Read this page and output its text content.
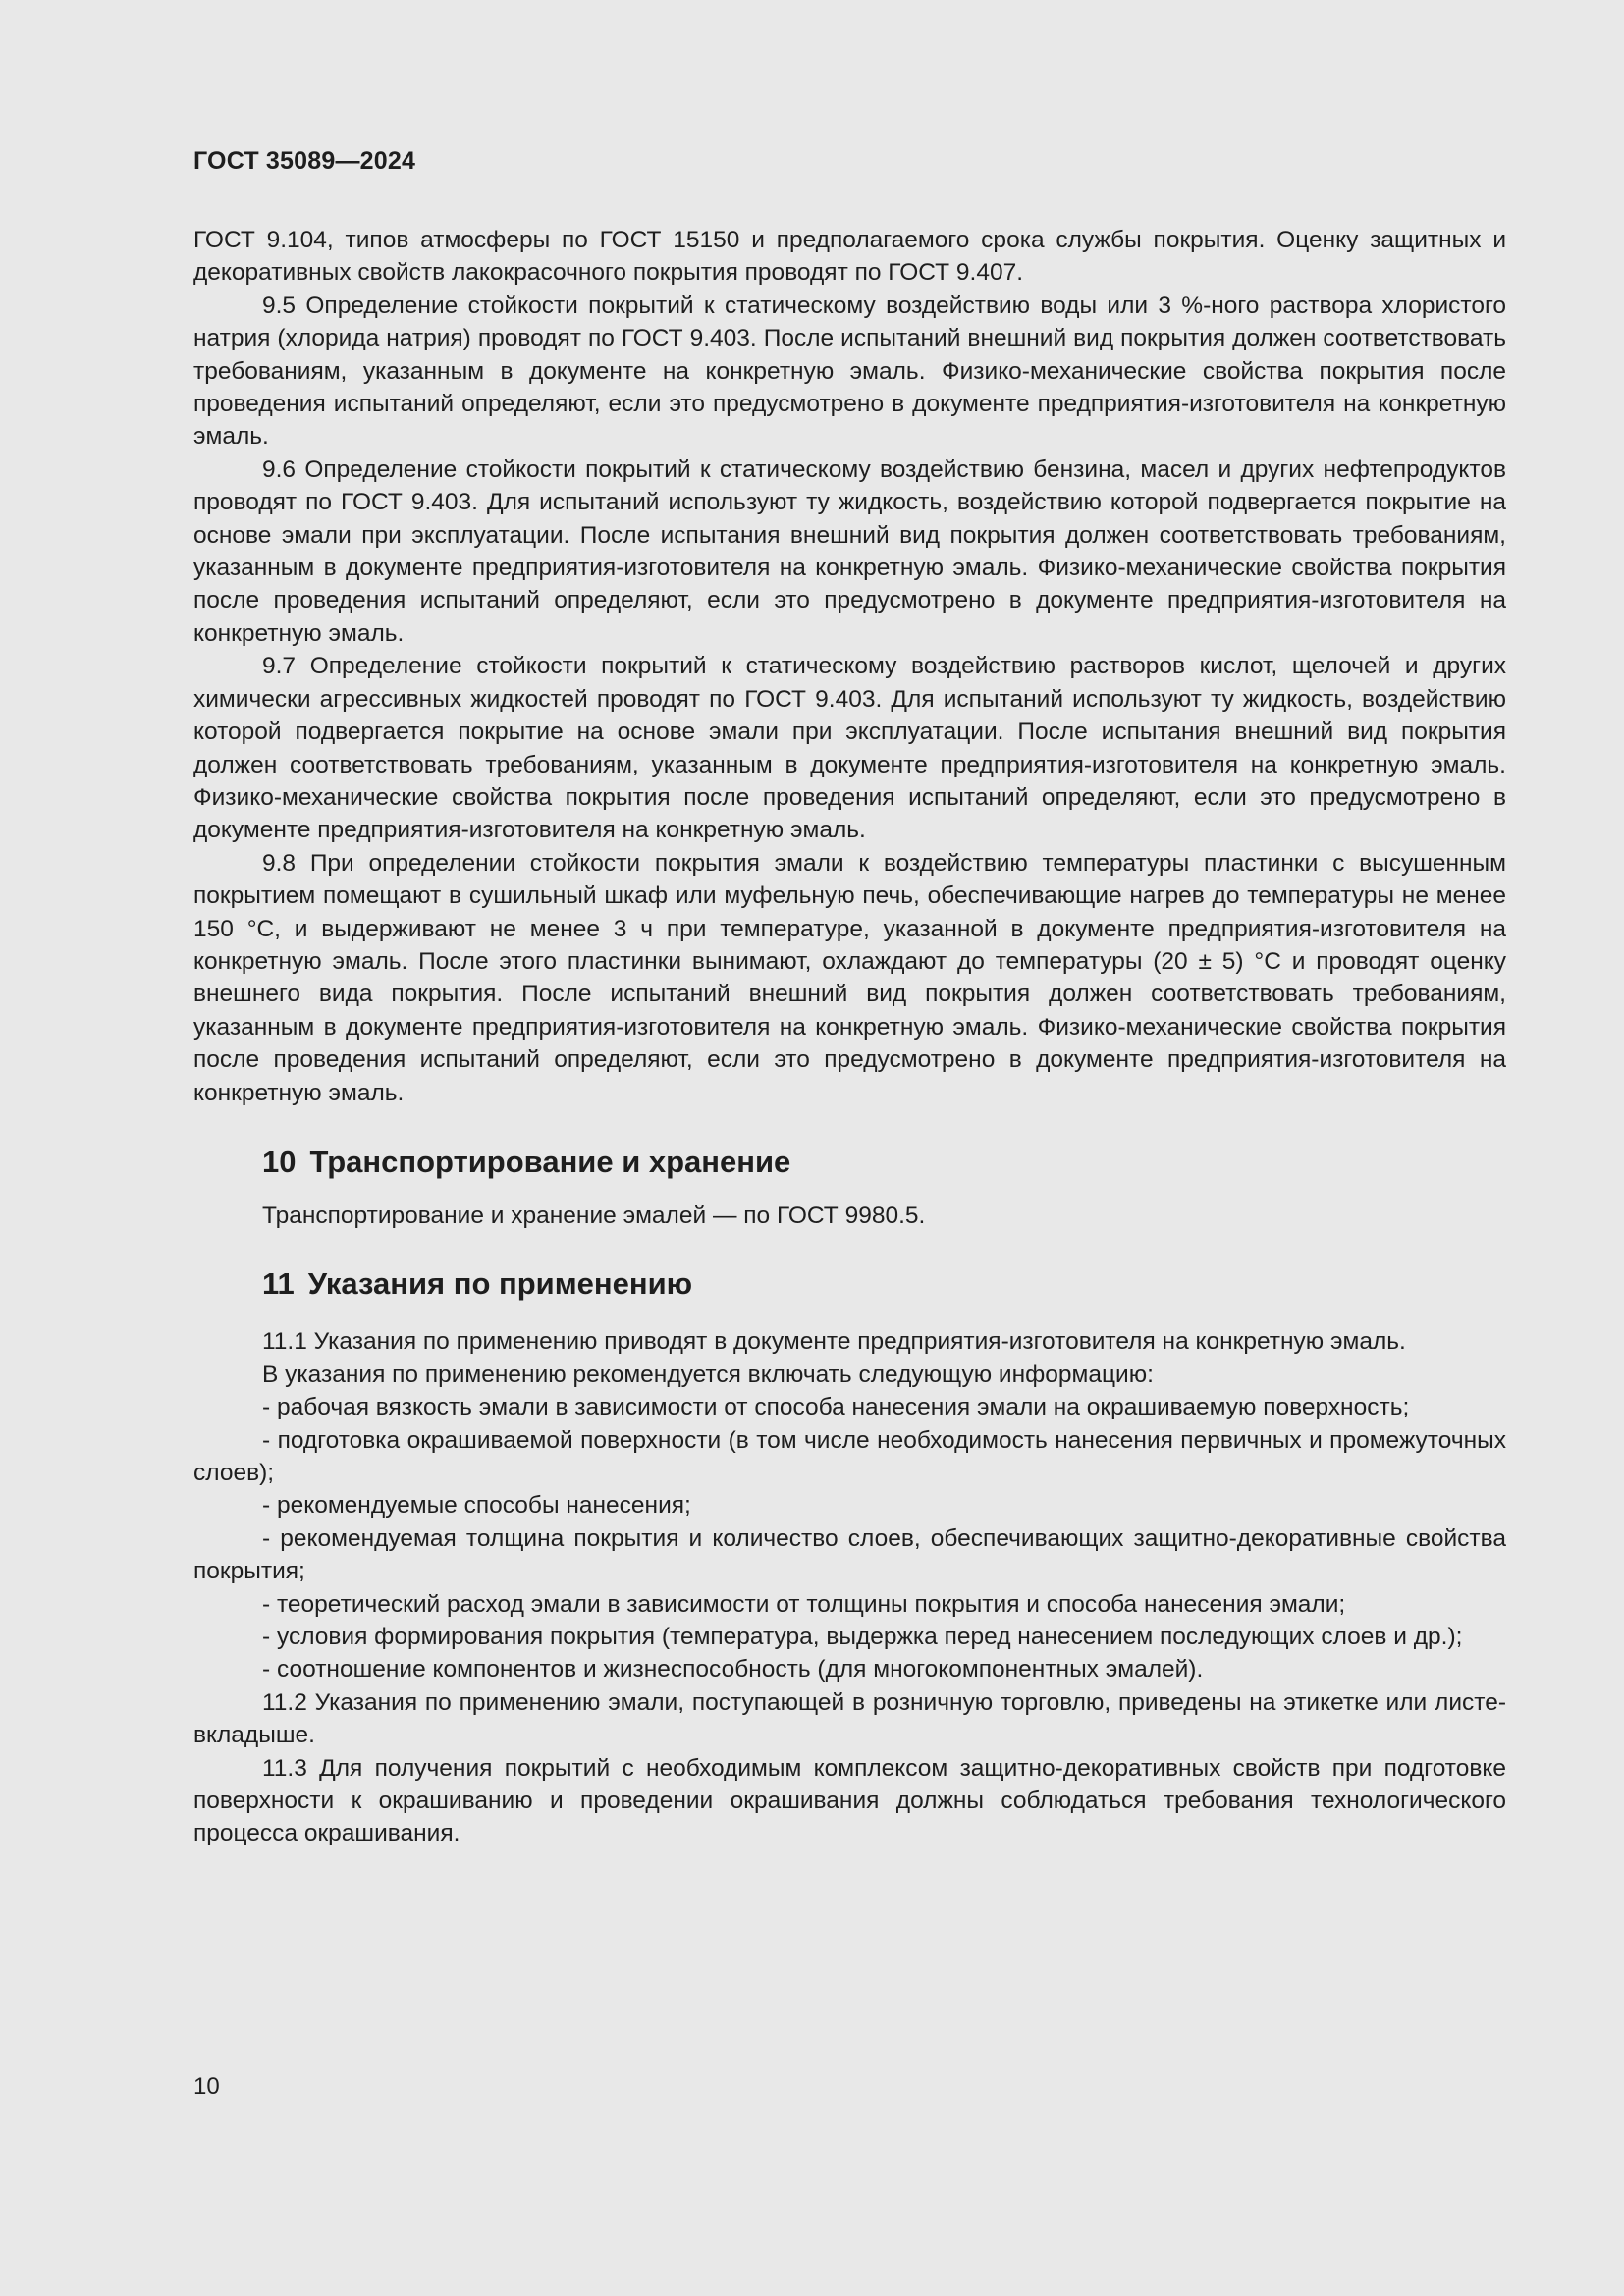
ГОСТ 35089—2024

ГОСТ 9.104, типов атмосферы по ГОСТ 15150 и предполагаемого срока службы покрытия. Оценку защитных и декоративных свойств лакокрасочного покрытия проводят по ГОСТ 9.407.

9.5 Определение стойкости покрытий к статическому воздействию воды или 3 %-ного раствора хлористого натрия (хлорида натрия) проводят по ГОСТ 9.403. После испытаний внешний вид покрытия должен соответствовать требованиям, указанным в документе на конкретную эмаль. Физико-механические свойства покрытия после проведения испытаний определяют, если это предусмотрено в документе предприятия-изготовителя на конкретную эмаль.

9.6 Определение стойкости покрытий к статическому воздействию бензина, масел и других нефтепродуктов проводят по ГОСТ 9.403. Для испытаний используют ту жидкость, воздействию которой подвергается покрытие на основе эмали при эксплуатации. После испытания внешний вид покрытия должен соответствовать требованиям, указанным в документе предприятия-изготовителя на конкретную эмаль. Физико-механические свойства покрытия после проведения испытаний определяют, если это предусмотрено в документе предприятия-изготовителя на конкретную эмаль.

9.7 Определение стойкости покрытий к статическому воздействию растворов кислот, щелочей и других химически агрессивных жидкостей проводят по ГОСТ 9.403. Для испытаний используют ту жидкость, воздействию которой подвергается покрытие на основе эмали при эксплуатации. После испытания внешний вид покрытия должен соответствовать требованиям, указанным в документе предприятия-изготовителя на конкретную эмаль. Физико-механические свойства покрытия после проведения испытаний определяют, если это предусмотрено в документе предприятия-изготовителя на конкретную эмаль.

9.8 При определении стойкости покрытия эмали к воздействию температуры пластинки с высушенным покрытием помещают в сушильный шкаф или муфельную печь, обеспечивающие нагрев до температуры не менее 150 °С, и выдерживают не менее 3 ч при температуре, указанной в документе предприятия-изготовителя на конкретную эмаль. После этого пластинки вынимают, охлаждают до температуры (20 ± 5) °С и проводят оценку внешнего вида покрытия. После испытаний внешний вид покрытия должен соответствовать требованиям, указанным в документе предприятия-изготовителя на конкретную эмаль. Физико-механические свойства покрытия после проведения испытаний определяют, если это предусмотрено в документе предприятия-изготовителя на конкретную эмаль.

10 Транспортирование и хранение

Транспортирование и хранение эмалей — по ГОСТ 9980.5.

11 Указания по применению

11.1 Указания по применению приводят в документе предприятия-изготовителя на конкретную эмаль.

В указания по применению рекомендуется включать следующую информацию:

- рабочая вязкость эмали в зависимости от способа нанесения эмали на окрашиваемую поверхность;

- подготовка окрашиваемой поверхности (в том числе необходимость нанесения первичных и промежуточных слоев);

- рекомендуемые способы нанесения;

- рекомендуемая толщина покрытия и количество слоев, обеспечивающих защитно-декоративные свойства покрытия;

- теоретический расход эмали в зависимости от толщины покрытия и способа нанесения эмали;

- условия формирования покрытия (температура, выдержка перед нанесением последующих слоев и др.);

- соотношение компонентов и жизнеспособность (для многокомпонентных эмалей).

11.2 Указания по применению эмали, поступающей в розничную торговлю, приведены на этикетке или листе-вкладыше.

11.3 Для получения покрытий с необходимым комплексом защитно-декоративных свойств при подготовке поверхности к окрашиванию и проведении окрашивания должны соблюдаться требования технологического процесса окрашивания.

10
